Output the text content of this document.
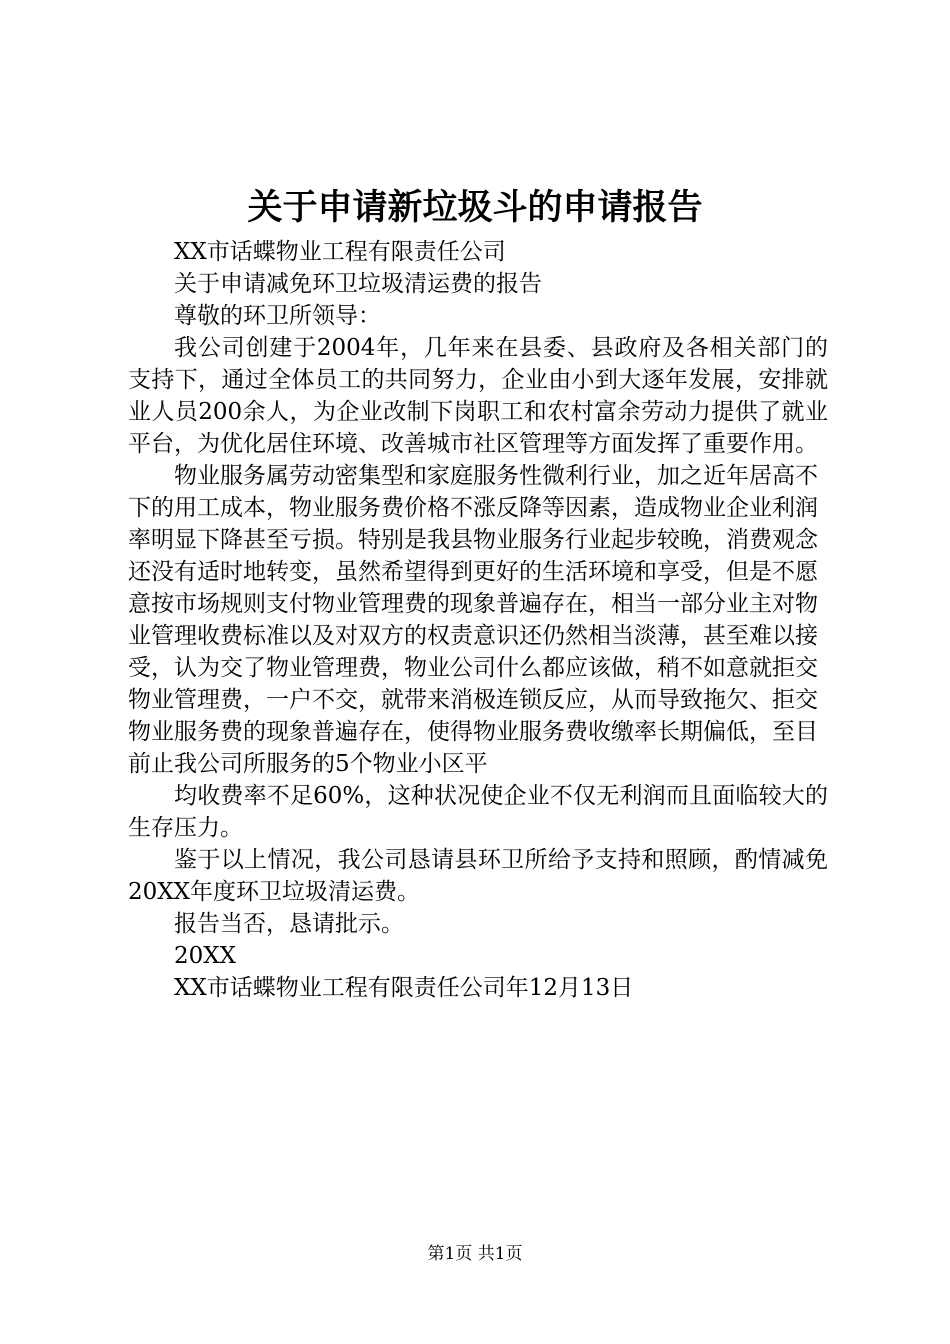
关于申请新垃圾斗的申请报告

XX市话蝶物业工程有限责任公司

关于申请减免环卫垃圾清运费的报告

尊敬的环卫所领导：

我公司创建于2004年，几年来在县委、县政府及各相关部门的支持下，通过全体员工的共同努力，企业由小到大逐年发展，安排就业人员200余人，为企业改制下岗职工和农村富余劳动力提供了就业平台，为优化居住环境、改善城市社区管理等方面发挥了重要作用。

物业服务属劳动密集型和家庭服务性微利行业，加之近年居高不下的用工成本，物业服务费价格不涨反降等因素，造成物业企业利润率明显下降甚至亏损。特别是我县物业服务行业起步较晚，消费观念还没有适时地转变，虽然希望得到更好的生活环境和享受，但是不愿意按市场规则支付物业管理费的现象普遍存在，相当一部分业主对物业管理收费标准以及对双方的权责意识还仍然相当淡薄，甚至难以接受，认为交了物业管理费，物业公司什么都应该做，稍不如意就拒交物业管理费，一户不交，就带来消极连锁反应，从而导致拖欠、拒交物业服务费的现象普遍存在，使得物业服务费收缴率长期偏低，至目前止我公司所服务的5个物业小区平

均收费率不足60%，这种状况使企业不仅无利润而且面临较大的生存压力。

鉴于以上情况，我公司恳请县环卫所给予支持和照顾，酌情减免20XX年度环卫垃圾清运费。

报告当否，恳请批示。

20XX

XX市话蝶物业工程有限责任公司年12月13日

第1页 共1页
